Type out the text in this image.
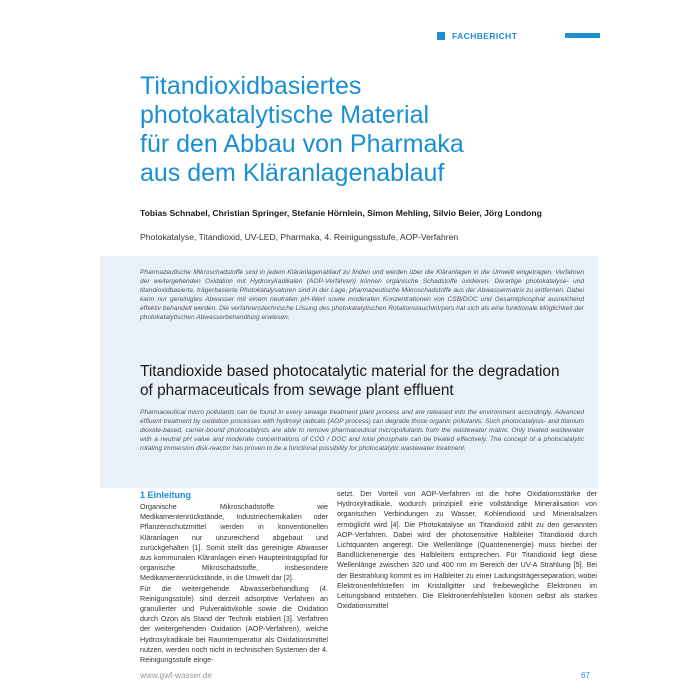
FACHBERICHT
Titandioxidbasiertes
photokatalytische Material
für den Abbau von Pharmaka
aus dem Kläranlagenablauf
Tobias Schnabel, Christian Springer, Stefanie Hörnlein, Simon Mehling, Silvio Beier, Jörg Londong
Photokatalyse, Titandioxid, UV-LED, Pharmaka, 4. Reinigungsstufe, AOP-Verfahren
Pharmazeutische Mikroschadstoffe sind in jedem Kläranlagenablauf zu finden und werden über die Kläranlagen in die Umwelt eingetragen. Verfahren der weitergehenden Oxidation mit Hydroxylradikalen (AOP-Verfahren) können organische Schadstoffe oxidieren. Derartige photokatalyse- und titandioxidbasierte, trägerbasierte Photokatalysatoren sind in der Lage, pharmazeutische Mikroschadstoffe aus der Abwassermatrix zu entfernen. Dabei kann nur gereinigtes Abwasser mit einem neutralen pH-Wert sowie moderaten Konzentrationen von CSB/DOC und Gesamtphosphat ausreichend effektiv behandelt werden. Die verfahrenstechnische Lösung des photokatalytischen Rotationstauchkörpers hat sich als eine funktionale Möglichkeit der photokatalytischen Abwasserbehandlung erwiesen.
Titandioxide based photocatalytic material for the degradation
of pharmaceuticals from sewage plant effluent
Pharmaceutical micro pollutants can be found in every sewage treatment plant process and are released into the environment accordingly. Advanced effluent treatment by oxidation processes with hydroxyl radicals (AOP process) can degrade those organic pollutants. Such photocatalysis- and titanium dioxide-based, carrier-bound photocatalysts are able to remove pharmaceutical micropollutants from the wastewater matrix. Only treated wastewater with a neutral pH value and moderate concentrations of COD / DOC and total phosphate can be treated effectively. The concept of a photocatalytic rotating immersion disk-reactor has proven to be a functional possibility for photocatalytic wastewater treatment.
1 Einleitung

Organische Mikroschadstoffe wie Medikamentenrückstände, Industriechemikalien oder Pflanzenschutzmittel werden in konventionellen Kläranlagen nur unzureichend abgebaut und zurückgehalten [1]. Somit stellt das gereinigte Abwasser aus kommunalen Kläranlagen einen Haupteintragspfad für organische Mikroschadstoffe, insbesondere Medikamentenrückstände, in die Umwelt dar [2].

Für die weitergehende Abwasserbehandlung (4. Reinigungsstufe) sind derzeit adsorptive Verfahren an granulierter und Pulveraktivkohle sowie die Oxidation durch Ozon als Stand der Technik etabliert [3]. Verfahren der weitergehenden Oxidation (AOP-Verfahren), welche Hydroxylradikale bei Raumtemperatur als Oxidationsmittel nutzen, werden noch nicht in technischen Systemen der 4. Reinigungsstufe einge-

setzt. Der Vorteil von AOP-Verfahren ist die hohe Oxidationsstärke der Hydroxylradikale, wodurch prinzipiell eine vollständige Mineralisation von organischen Verbindungen zu Wasser, Kohlendioxid und Mineralsalzen ermöglicht wird [4]. Die Photokatalyse an Titandioxid zählt zu den genannten AOP-Verfahren. Dabei wird der photosensitive Halbleiter Titandioxid durch Lichtquanten angeregt. Die Wellenlänge (Quantenenergie) muss hierbei der Bandlückenenergie des Halbleiters entsprechen. Für Titandioxid liegt diese Wellenlänge zwischen 320 und 400 nm im Bereich der UV-A Strahlung [5]. Bei der Bestrahlung kommt es im Halbleiter zu einer Ladungsträgerseparation, wobei Elektronenfehlstellen im Kristallgitter und freibewegliche Elektronen im Leitungsband entstehen. Die Elektronenfehlstellen können selbst als starkes Oxidationsmittel

www.gwf-wasser.de	67
